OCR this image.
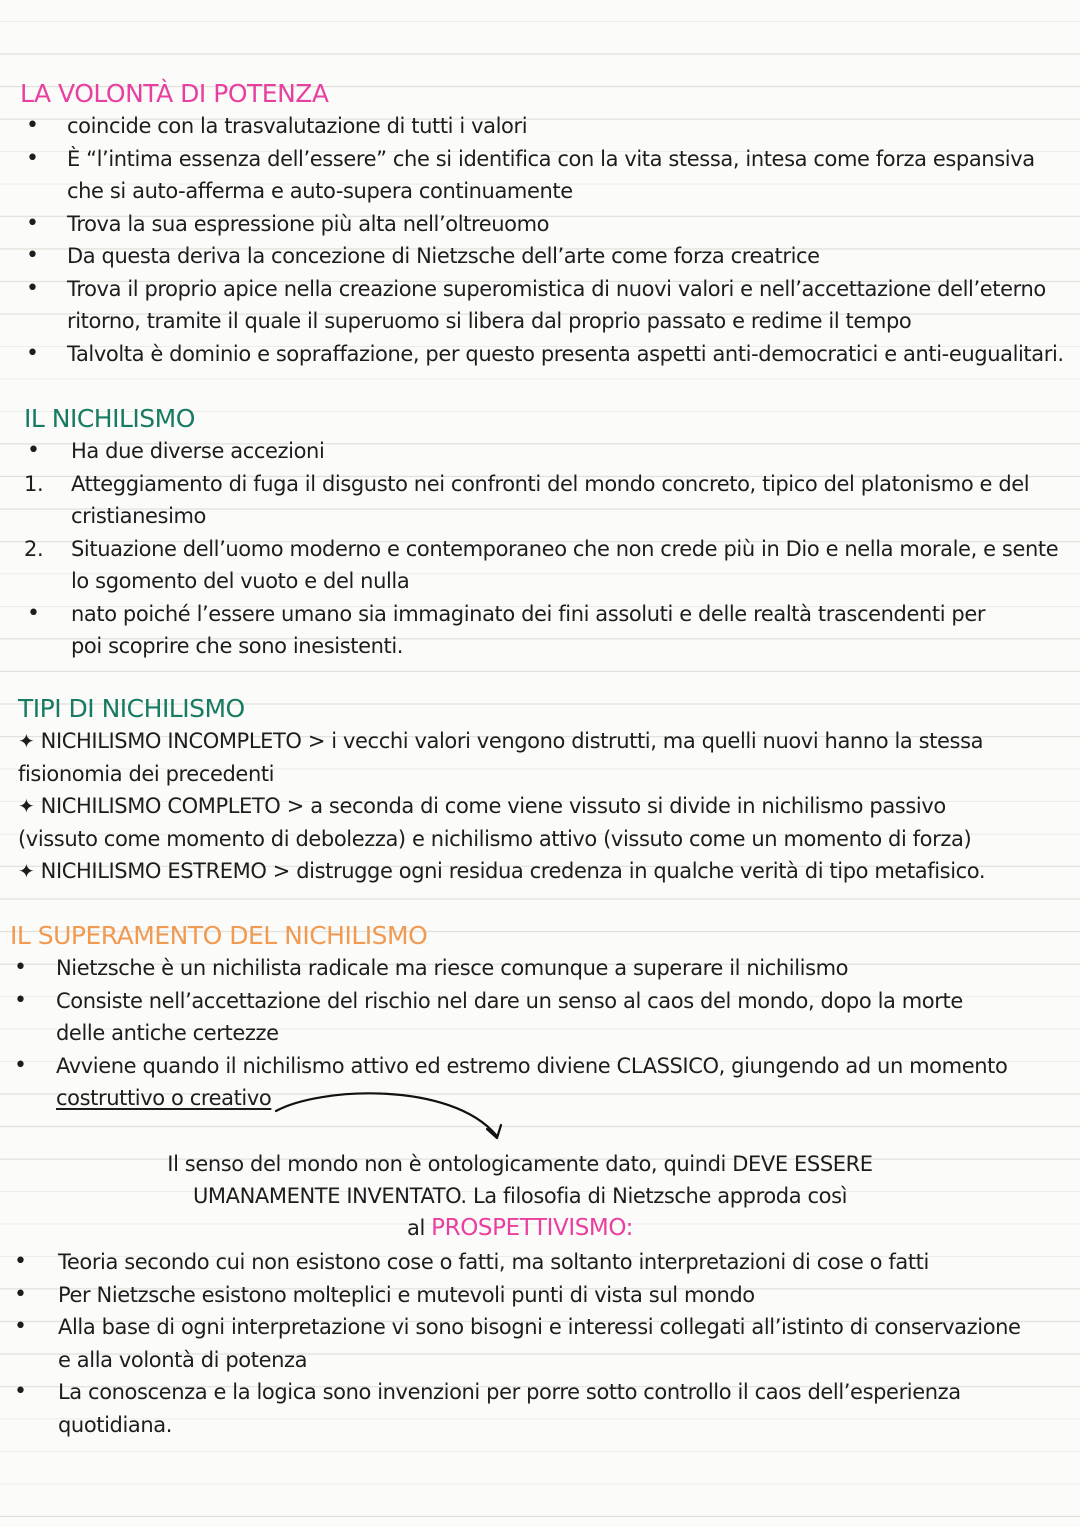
LA VOLONTÀ DI POTENZA
• coincide con la trasvalutazione di tutti i valori
• È “l’intima essenza dell’essere” che si identifica con la vita stessa, intesa come forza espansiva che si auto-afferma e auto-supera continuamente
• Trova la sua espressione più alta nell’oltreuomo
• Da questa deriva la concezione di Nietzsche dell’arte come forza creatrice
• Trova il proprio apice nella creazione superomistica di nuovi valori e nell’accettazione dell’eterno ritorno, tramite il quale il superuomo si libera dal proprio passato e redime il tempo
• Talvolta è dominio e sopraffazione, per questo presenta aspetti anti-democratici e anti-eugualitari.
IL NICHILISMO
• Ha due diverse accezioni
1. Atteggiamento di fuga il disgusto nei confronti del mondo concreto, tipico del platonismo e del cristianesimo
2. Situazione dell’uomo moderno e contemporaneo che non crede più in Dio e nella morale, e sente lo sgomento del vuoto e del nulla
• nato poiché l’essere umano sia immaginato dei fini assoluti e delle realtà trascendenti per poi scoprire che sono inesistenti.
TIPI DI NICHILISMO
✦ NICHILISMO INCOMPLETO > i vecchi valori vengono distrutti, ma quelli nuovi hanno la stessa fisionomia dei precedenti
✦ NICHILISMO COMPLETO > a seconda di come viene vissuto si divide in nichilismo passivo (vissuto come momento di debolezza) e nichilismo attivo (vissuto come un momento di forza)
✦ NICHILISMO ESTREMO > distrugge ogni residua credenza in qualche verità di tipo metafisico.
IL SUPERAMENTO DEL NICHILISMO
• Nietzsche è un nichilista radicale ma riesce comunque a superare il nichilismo
• Consiste nell’accettazione del rischio nel dare un senso al caos del mondo, dopo la morte delle antiche certezze
• Avviene quando il nichilismo attivo ed estremo diviene CLASSICO, giungendo ad un momento costruttivo o creativo
Il senso del mondo non è ontologicamente dato, quindi DEVE ESSERE
UMANAMENTE INVENTATO. La filosofia di Nietzsche approda così
al PROSPETTIVISMO:
• Teoria secondo cui non esistono cose o fatti, ma soltanto interpretazioni di cose o fatti
• Per Nietzsche esistono molteplici e mutevoli punti di vista sul mondo
• Alla base di ogni interpretazione vi sono bisogni e interessi collegati all’istinto di conservazione e alla volontà di potenza
• La conoscenza e la logica sono invenzioni per porre sotto controllo il caos dell’esperienza quotidiana.
